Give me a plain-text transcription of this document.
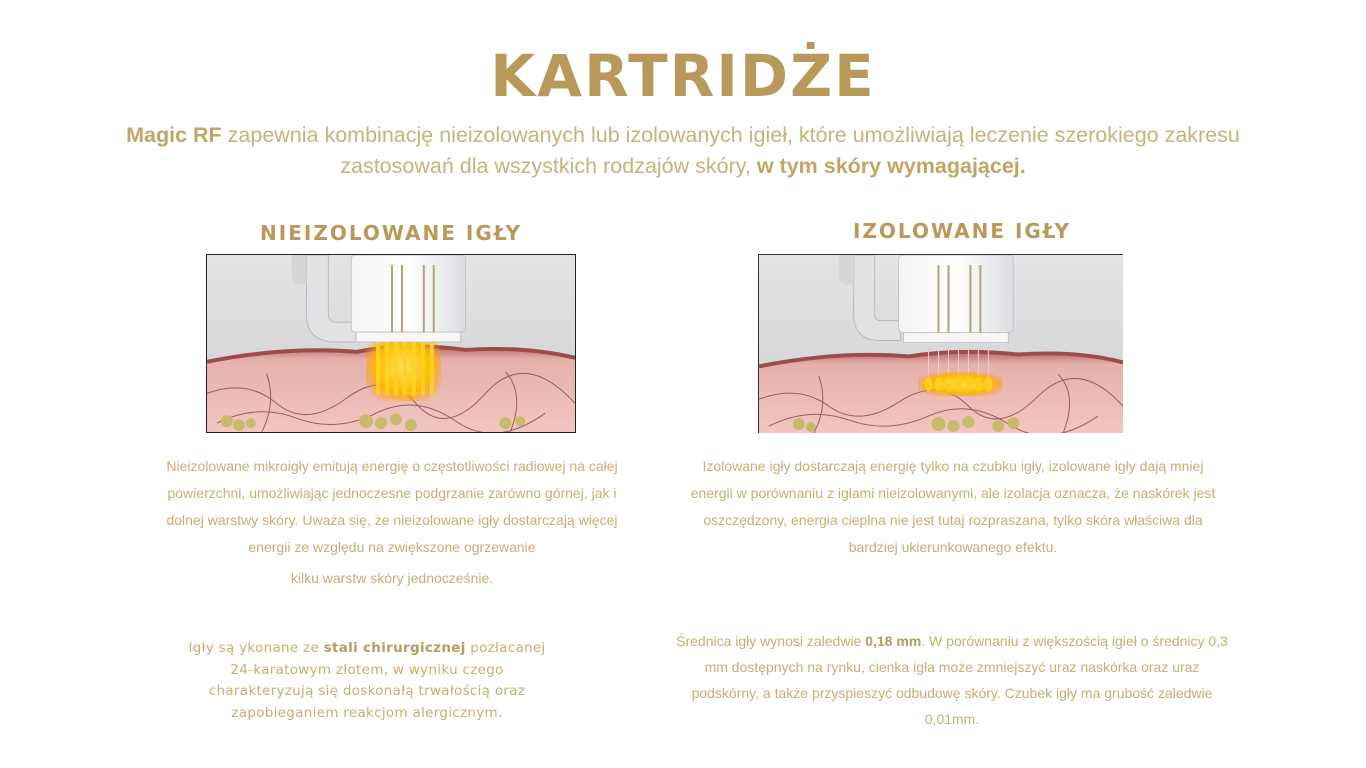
KARTRIDŻE

Magic RF zapewnia kombinację nieizolowanych lub izolowanych igieł, które umożliwiają leczenie szerokiego zakresu zastosowań dla wszystkich rodzajów skóry, w tym skóry wymagającej.

NIEIZOLOWANE IGŁY	IZOLOWANE IGŁY

Nieizolowane mikroigły emitują energię o częstotliwości radiowej na całej powierzchni, umożliwiając jednoczesne podgrzanie zarówno górnej, jak i dolnej warstwy skóry. Uważa się, że nieizolowane igły dostarczają więcej energii ze względu na zwiększone ogrzewanie
kilku warstw skóry jednocześnie.

Izolowane igły dostarczają energię tylko na czubku igły, izolowane igły dają mniej energii w porównaniu z igłami nieizolowanymi, ale izolacja oznacza, że naskórek jest oszczędzony, energia cieplna nie jest tutaj rozpraszana, tylko skóra właściwa dla bardziej ukierunkowanego efektu.

Igły są ykonane ze stali chirurgicznej pozłacanej 24-karatowym złotem, w wyniku czego charakteryzują się doskonałą trwałością oraz zapobieganiem reakcjom alergicznym.

Średnica igły wynosi zaledwie 0,18 mm. W porównaniu z większością igieł o średnicy 0,3 mm dostępnych na rynku, cienka igła może zmniejszyć uraz naskórka oraz uraz podskórny, a także przyspieszyć odbudowę skóry. Czubek igły ma grubość zaledwie 0,01mm.
